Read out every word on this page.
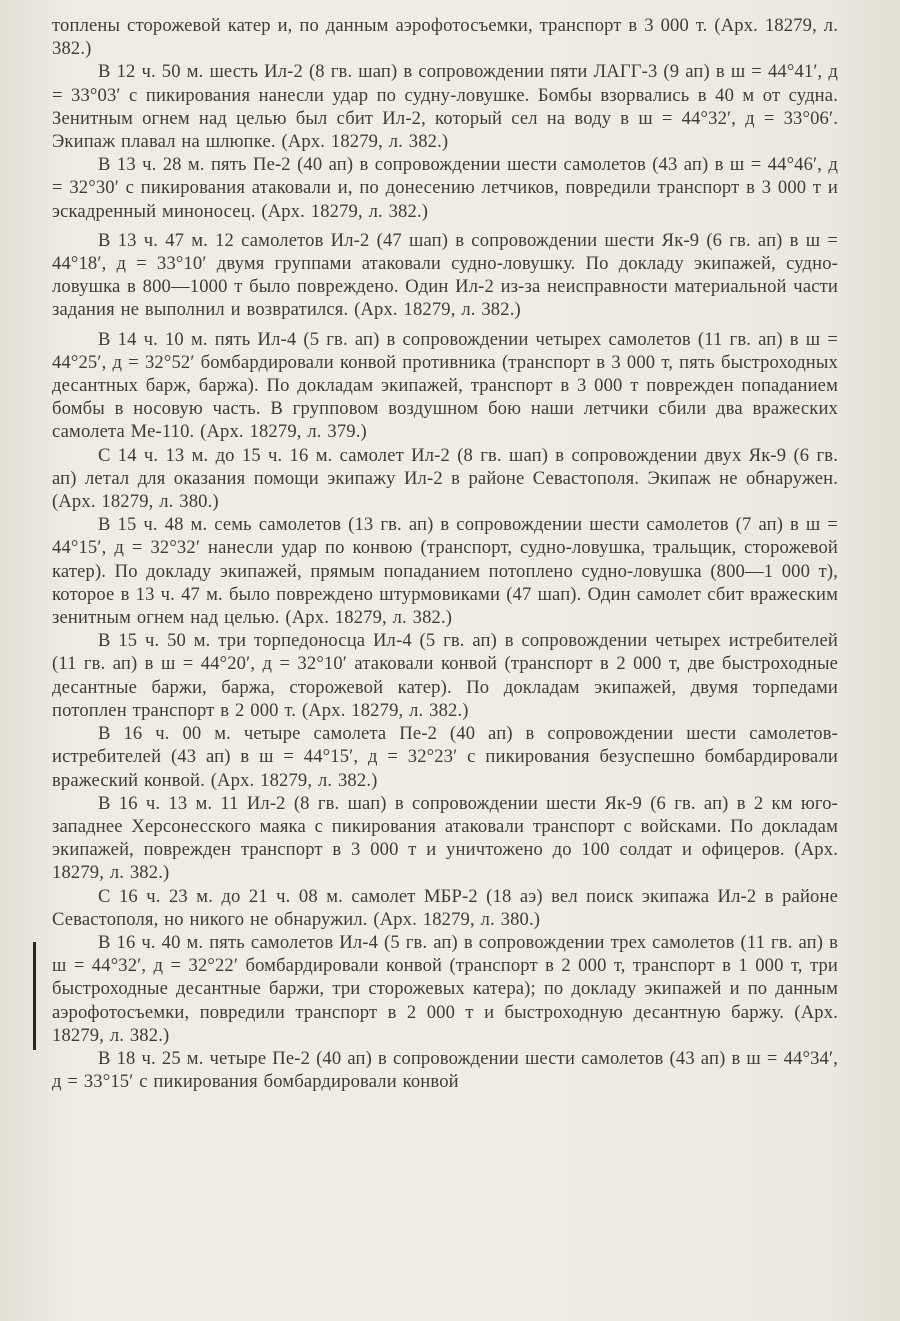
топлены сторожевой катер и, по данным аэрофотосъемки, транспорт в 3 000 т. (Арх. 18279, л. 382.)

В 12 ч. 50 м. шесть Ил-2 (8 гв. шап) в сопровождении пяти ЛАГГ-3 (9 ап) в ш = 44°41′, д = 33°03′ с пикирования нанесли удар по судну-ловушке. Бомбы взорвались в 40 м от судна. Зенитным огнем над целью был сбит Ил-2, который сел на воду в ш = 44°32′, д = 33°06′. Экипаж плавал на шлюпке. (Арх. 18279, л. 382.)

В 13 ч. 28 м. пять Пе-2 (40 ап) в сопровождении шести самолетов (43 ап) в ш = 44°46′, д = 32°30′ с пикирования атаковали и, по донесению летчиков, повредили транспорт в 3 000 т и эскадренный миноносец. (Арх. 18279, л. 382.)

В 13 ч. 47 м. 12 самолетов Ил-2 (47 шап) в сопровождении шести Як-9 (6 гв. ап) в ш = 44°18′, д = 33°10′ двумя группами атаковали судно-ловушку. По докладу экипажей, судно-ловушка в 800—1000 т было повреждено. Один Ил-2 из-за неисправности материальной части задания не выполнил и возвратился. (Арх. 18279, л. 382.)

В 14 ч. 10 м. пять Ил-4 (5 гв. ап) в сопровождении четырех самолетов (11 гв. ап) в ш = 44°25′, д = 32°52′ бомбардировали конвой противника (транспорт в 3 000 т, пять быстроходных десантных барж, баржа). По докладам экипажей, транспорт в 3 000 т поврежден попаданием бомбы в носовую часть. В групповом воздушном бою наши летчики сбили два вражеских самолета Ме-110. (Арх. 18279, л. 379.)

С 14 ч. 13 м. до 15 ч. 16 м. самолет Ил-2 (8 гв. шап) в сопровождении двух Як-9 (6 гв. ап) летал для оказания помощи экипажу Ил-2 в районе Севастополя. Экипаж не обнаружен. (Арх. 18279, л. 380.)

В 15 ч. 48 м. семь самолетов (13 гв. ап) в сопровождении шести самолетов (7 ап) в ш = 44°15′, д = 32°32′ нанесли удар по конвою (транспорт, судно-ловушка, тральщик, сторожевой катер). По докладу экипажей, прямым попаданием потоплено судно-ловушка (800—1 000 т), которое в 13 ч. 47 м. было повреждено штурмовиками (47 шап). Один самолет сбит вражеским зенитным огнем над целью. (Арх. 18279, л. 382.)

В 15 ч. 50 м. три торпедоносца Ил-4 (5 гв. ап) в сопровождении четырех истребителей (11 гв. ап) в ш = 44°20′, д = 32°10′ атаковали конвой (транспорт в 2 000 т, две быстроходные десантные баржи, баржа, сторожевой катер). По докладам экипажей, двумя торпедами потоплен транспорт в 2 000 т. (Арх. 18279, л. 382.)

В 16 ч. 00 м. четыре самолета Пе-2 (40 ап) в сопровождении шести самолетов-истребителей (43 ап) в ш = 44°15′, д = 32°23′ с пикирования безуспешно бомбардировали вражеский конвой. (Арх. 18279, л. 382.)

В 16 ч. 13 м. 11 Ил-2 (8 гв. шап) в сопровождении шести Як-9 (6 гв. ап) в 2 км юго-западнее Херсонесского маяка с пикирования атаковали транспорт с войсками. По докладам экипажей, поврежден транспорт в 3 000 т и уничтожено до 100 солдат и офицеров. (Арх. 18279, л. 382.)

С 16 ч. 23 м. до 21 ч. 08 м. самолет МБР-2 (18 аэ) вел поиск экипажа Ил-2 в районе Севастополя, но никого не обнаружил. (Арх. 18279, л. 380.)

В 16 ч. 40 м. пять самолетов Ил-4 (5 гв. ап) в сопровождении трех самолетов (11 гв. ап) в ш = 44°32′, д = 32°22′ бомбардировали конвой (транспорт в 2 000 т, транспорт в 1 000 т, три быстроходные десантные баржи, три сторожевых катера); по докладу экипажей и по данным аэрофотосъемки, повредили транспорт в 2 000 т и быстроходную десантную баржу. (Арх. 18279, л. 382.)

В 18 ч. 25 м. четыре Пе-2 (40 ап) в сопровождении шести самолетов (43 ап) в ш = 44°34′, д = 33°15′ с пикирования бомбардировали конвой
